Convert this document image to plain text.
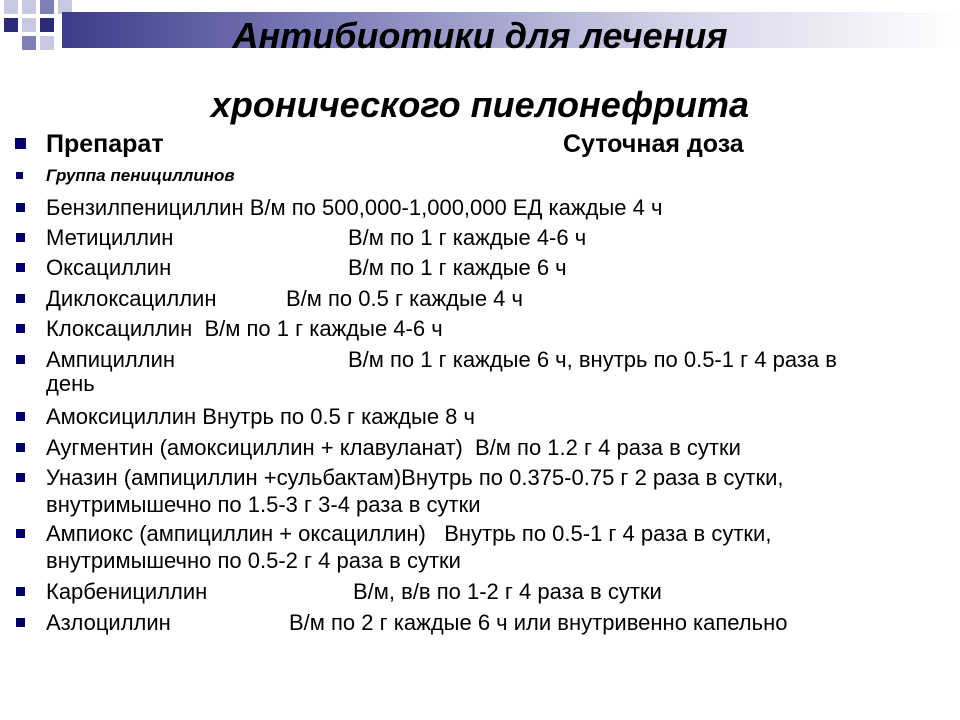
Антибиотики для лечения
хронического пиелонефрита
Препарат	Суточная доза
Группа пенициллинов
Бензилпенициллин В/м по 500,000-1,000,000 ЕД каждые 4 ч
Метициллин	В/м по 1 г каждые 4-6 ч
Оксациллин	В/м по 1 г каждые 6 ч
Диклоксациллин	В/м по 0.5 г каждые 4 ч
Клоксациллин  В/м по 1 г каждые 4-6 ч
Ампициллин	В/м по 1 г каждые 6 ч, внутрь по 0.5-1 г 4 раза в
день
Амоксициллин Внутрь по 0.5 г каждые 8 ч
Аугментин (амоксициллин + клавуланат)  В/м по 1.2 г 4 раза в сутки
Уназин (ампициллин +сульбактам)Внутрь по 0.375-0.75 г 2 раза в сутки,
внутримышечно по 1.5-3 г 3-4 раза в сутки
Ампиокс (ампициллин + оксациллин)   Внутрь по 0.5-1 г 4 раза в сутки,
внутримышечно по 0.5-2 г 4 раза в сутки
Карбенициллин	В/м, в/в по 1-2 г 4 раза в сутки
Азлоциллин	В/м по 2 г каждые 6 ч или внутривенно капельно
